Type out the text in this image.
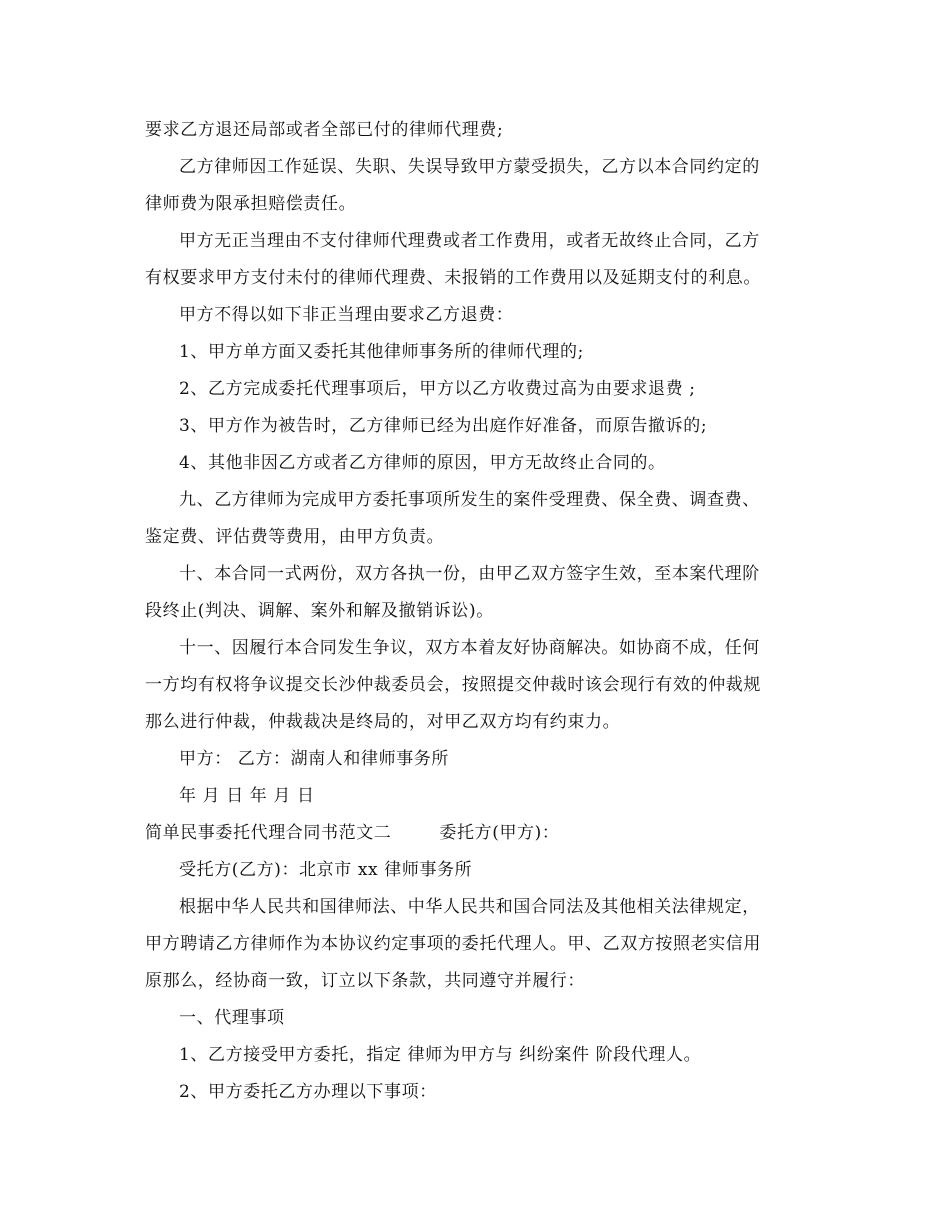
要求乙方退还局部或者全部已付的律师代理费;
乙方律师因工作延误、失职、失误导致甲方蒙受损失，乙方以本合同约定的
律师费为限承担赔偿责任。
甲方无正当理由不支付律师代理费或者工作费用，或者无故终止合同，乙方
有权要求甲方支付未付的律师代理费、未报销的工作费用以及延期支付的利息。
甲方不得以如下非正当理由要求乙方退费：
1、甲方单方面又委托其他律师事务所的律师代理的;
2、乙方完成委托代理事项后，甲方以乙方收费过高为由要求退费 ;
3、甲方作为被告时，乙方律师已经为出庭作好准备，而原告撤诉的;
4、其他非因乙方或者乙方律师的原因，甲方无故终止合同的。
九、乙方律师为完成甲方委托事项所发生的案件受理费、保全费、调查费、
鉴定费、评估费等费用，由甲方负责。
十、本合同一式两份，双方各执一份，由甲乙双方签字生效，至本案代理阶
段终止(判决、调解、案外和解及撤销诉讼)。
十一、因履行本合同发生争议，双方本着友好协商解决。如协商不成，任何
一方均有权将争议提交长沙仲裁委员会，按照提交仲裁时该会现行有效的仲裁规
那么进行仲裁，仲裁裁决是终局的，对甲乙双方均有约束力。
甲方： 乙方：湖南人和律师事务所
年 月 日 年 月 日
简单民事委托代理合同书范文二        委托方(甲方)：
受托方(乙方)：北京市 xx 律师事务所
根据中华人民共和国律师法、中华人民共和国合同法及其他相关法律规定，
甲方聘请乙方律师作为本协议约定事项的委托代理人。甲、乙双方按照老实信用
原那么，经协商一致，订立以下条款，共同遵守并履行：
一、代理事项
1、乙方接受甲方委托，指定 律师为甲方与 纠纷案件 阶段代理人。
2、甲方委托乙方办理以下事项：
